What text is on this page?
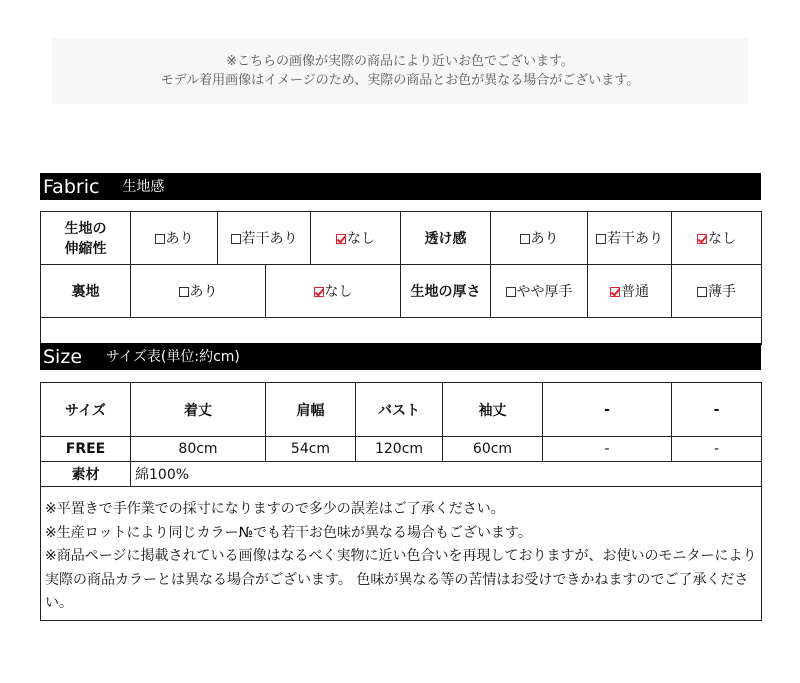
※こちらの画像が実際の商品により近いお色でございます。
モデル着用画像はイメージのため、実際の商品とお色が異なる場合がございます。
Fabric 生地感
生地の
伸縮性	あり	若干あり		なし	透け感	あり	若干あり	なし
裏地	あり		なし		生地の厚さ	やや厚手	普通	薄手

Size サイズ表(単位:約cm)
サイズ	着丈	肩幅	バスト	袖丈	-	-
FREE	80cm	54cm	120cm	60cm	-	-
素材	綿100%					

※平置きで手作業での採寸になりますので多少の誤差はご了承ください。
※生産ロットにより同じカラー№でも若干お色味が異なる場合もございます。
※商品ページに掲載されている画像はなるべく実物に近い色合いを再現しておりますが、お使いのモニターにより実際の商品カラーとは異なる場合がございます。 色味が異なる等の苦情はお受けできかねますのでご了承ください。						
